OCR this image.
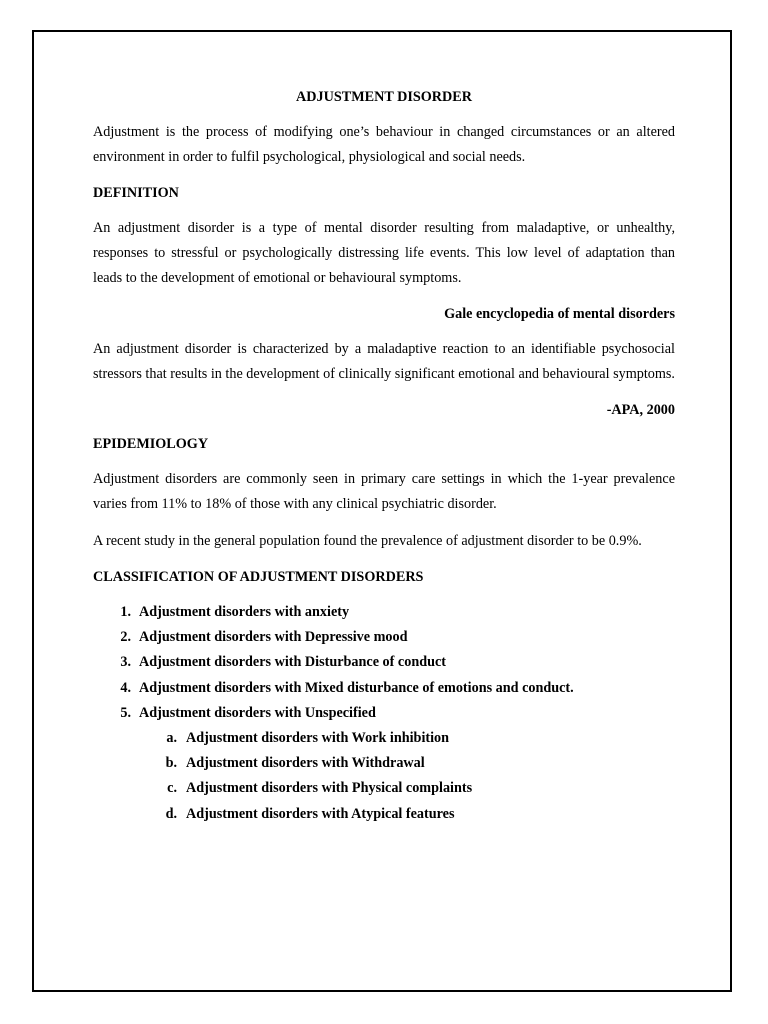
ADJUSTMENT DISORDER

Adjustment is the process of modifying one’s behaviour in changed circumstances or an altered environment in order to fulfil psychological, physiological and social needs.

DEFINITION

An adjustment disorder is a type of mental disorder resulting from maladaptive, or unhealthy, responses to stressful or psychologically distressing life events. This low level of adaptation than leads to the development of emotional or behavioural symptoms.

Gale encyclopedia of mental disorders

An adjustment disorder is characterized by a maladaptive reaction to an identifiable psychosocial stressors that results in the development of clinically significant emotional and behavioural symptoms.

-APA, 2000
EPIDEMIOLOGY

Adjustment disorders are commonly seen in primary care settings in which the 1-year prevalence varies from 11% to 18% of those with any clinical psychiatric disorder.

A recent study in the general population found the prevalence of adjustment disorder to be 0.9%.

CLASSIFICATION OF ADJUSTMENT DISORDERS
1. Adjustment disorders with anxiety
2. Adjustment disorders with Depressive mood
3. Adjustment disorders with Disturbance of conduct
4. Adjustment disorders with Mixed disturbance of emotions and conduct.
5. Adjustment disorders with Unspecified
a. Adjustment disorders with Work inhibition
b. Adjustment disorders with Withdrawal
c. Adjustment disorders with Physical complaints
d. Adjustment disorders with Atypical features
